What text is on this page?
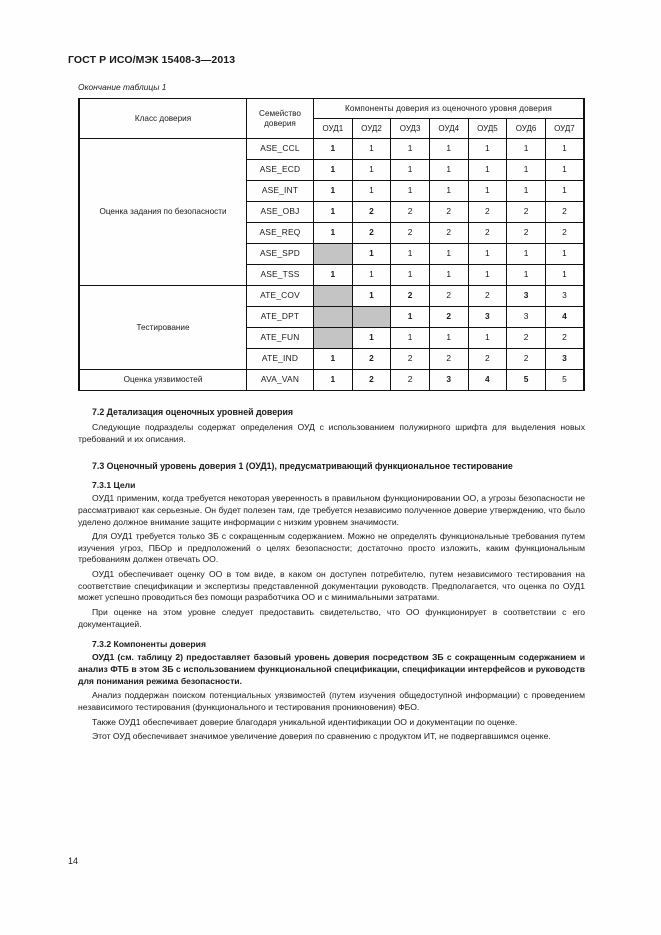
ГОСТ Р ИСО/МЭК 15408-3—2013
Окончание таблицы 1
Класс доверия	Семейство
доверия	Компоненты доверия из оценочного уровня доверия						
		ОУД1	ОУД2	ОУД3	ОУД4	ОУД5	ОУД6	ОУД7
Оценка задания по безопасности	ASE_CCL	1	1	1	1	1	1	1
	ASE_ECD	1	1	1	1	1	1	1
	ASE_INT	1	1	1	1	1	1	1
	ASE_OBJ	1	2	2	2	2	2	2
	ASE_REQ	1	2	2	2	2	2	2
	ASE_SPD		1	1	1	1	1	1
	ASE_TSS	1	1	1	1	1	1	1
Тестирование	ATE_COV		1	2	2	2	3	3
	ATE_DPT			1	2	3	3	4
	ATE_FUN		1	1	1	1	2	2
	ATE_IND	1	2	2	2	2	2	3
Оценка уязвимостей	AVA_VAN	1	2	2	3	4	5	5
7.2 Детализация оценочных уровней доверия

Следующие подразделы содержат определения ОУД с использованием полужирного шрифта для выделения новых требований и их описания.

7.3 Оценочный уровень доверия 1 (ОУД1), предусматривающий функциональное тестирование
7.3.1 Цели

ОУД1 применим, когда требуется некоторая уверенность в правильном функционировании ОО, а угрозы безопасности не рассматривают как серьезные. Он будет полезен там, где требуется независимо полученное доверие утверждению, что было уделено должное внимание защите информации с низким уровнем значимости.

Для ОУД1 требуется только ЗБ с сокращенным содержанием. Можно не определять функциональные требования путем изучения угроз, ПБОр и предположений о целях безопасности; достаточно просто изложить, каким функциональным требованиям должен отвечать ОО.

ОУД1 обеспечивает оценку ОО в том виде, в каком он доступен потребителю, путем независимого тестирования на соответствие спецификации и экспертизы представленной документации руководств. Предполагается, что оценка по ОУД1 может успешно проводиться без помощи разработчика ОО и с минимальными затратами.

При оценке на этом уровне следует предоставить свидетельство, что ОО функционирует в соответствии с его документацией.

7.3.2 Компоненты доверия

ОУД1 (см. таблицу 2) предоставляет базовый уровень доверия посредством ЗБ с сокращенным содержанием и анализ ФТБ в этом ЗБ с использованием функциональной спецификации, спецификации интерфейсов и руководств для понимания режима безопасности.

Анализ поддержан поиском потенциальных уязвимостей (путем изучения общедоступной информации) с проведением независимого тестирования (функционального и тестирования проникновения) ФБО.

Также ОУД1 обеспечивает доверие благодаря уникальной идентификации ОО и документации по оценке.

Этот ОУД обеспечивает значимое увеличение доверия по сравнению с продуктом ИТ, не подвергавшимся оценке.

14
